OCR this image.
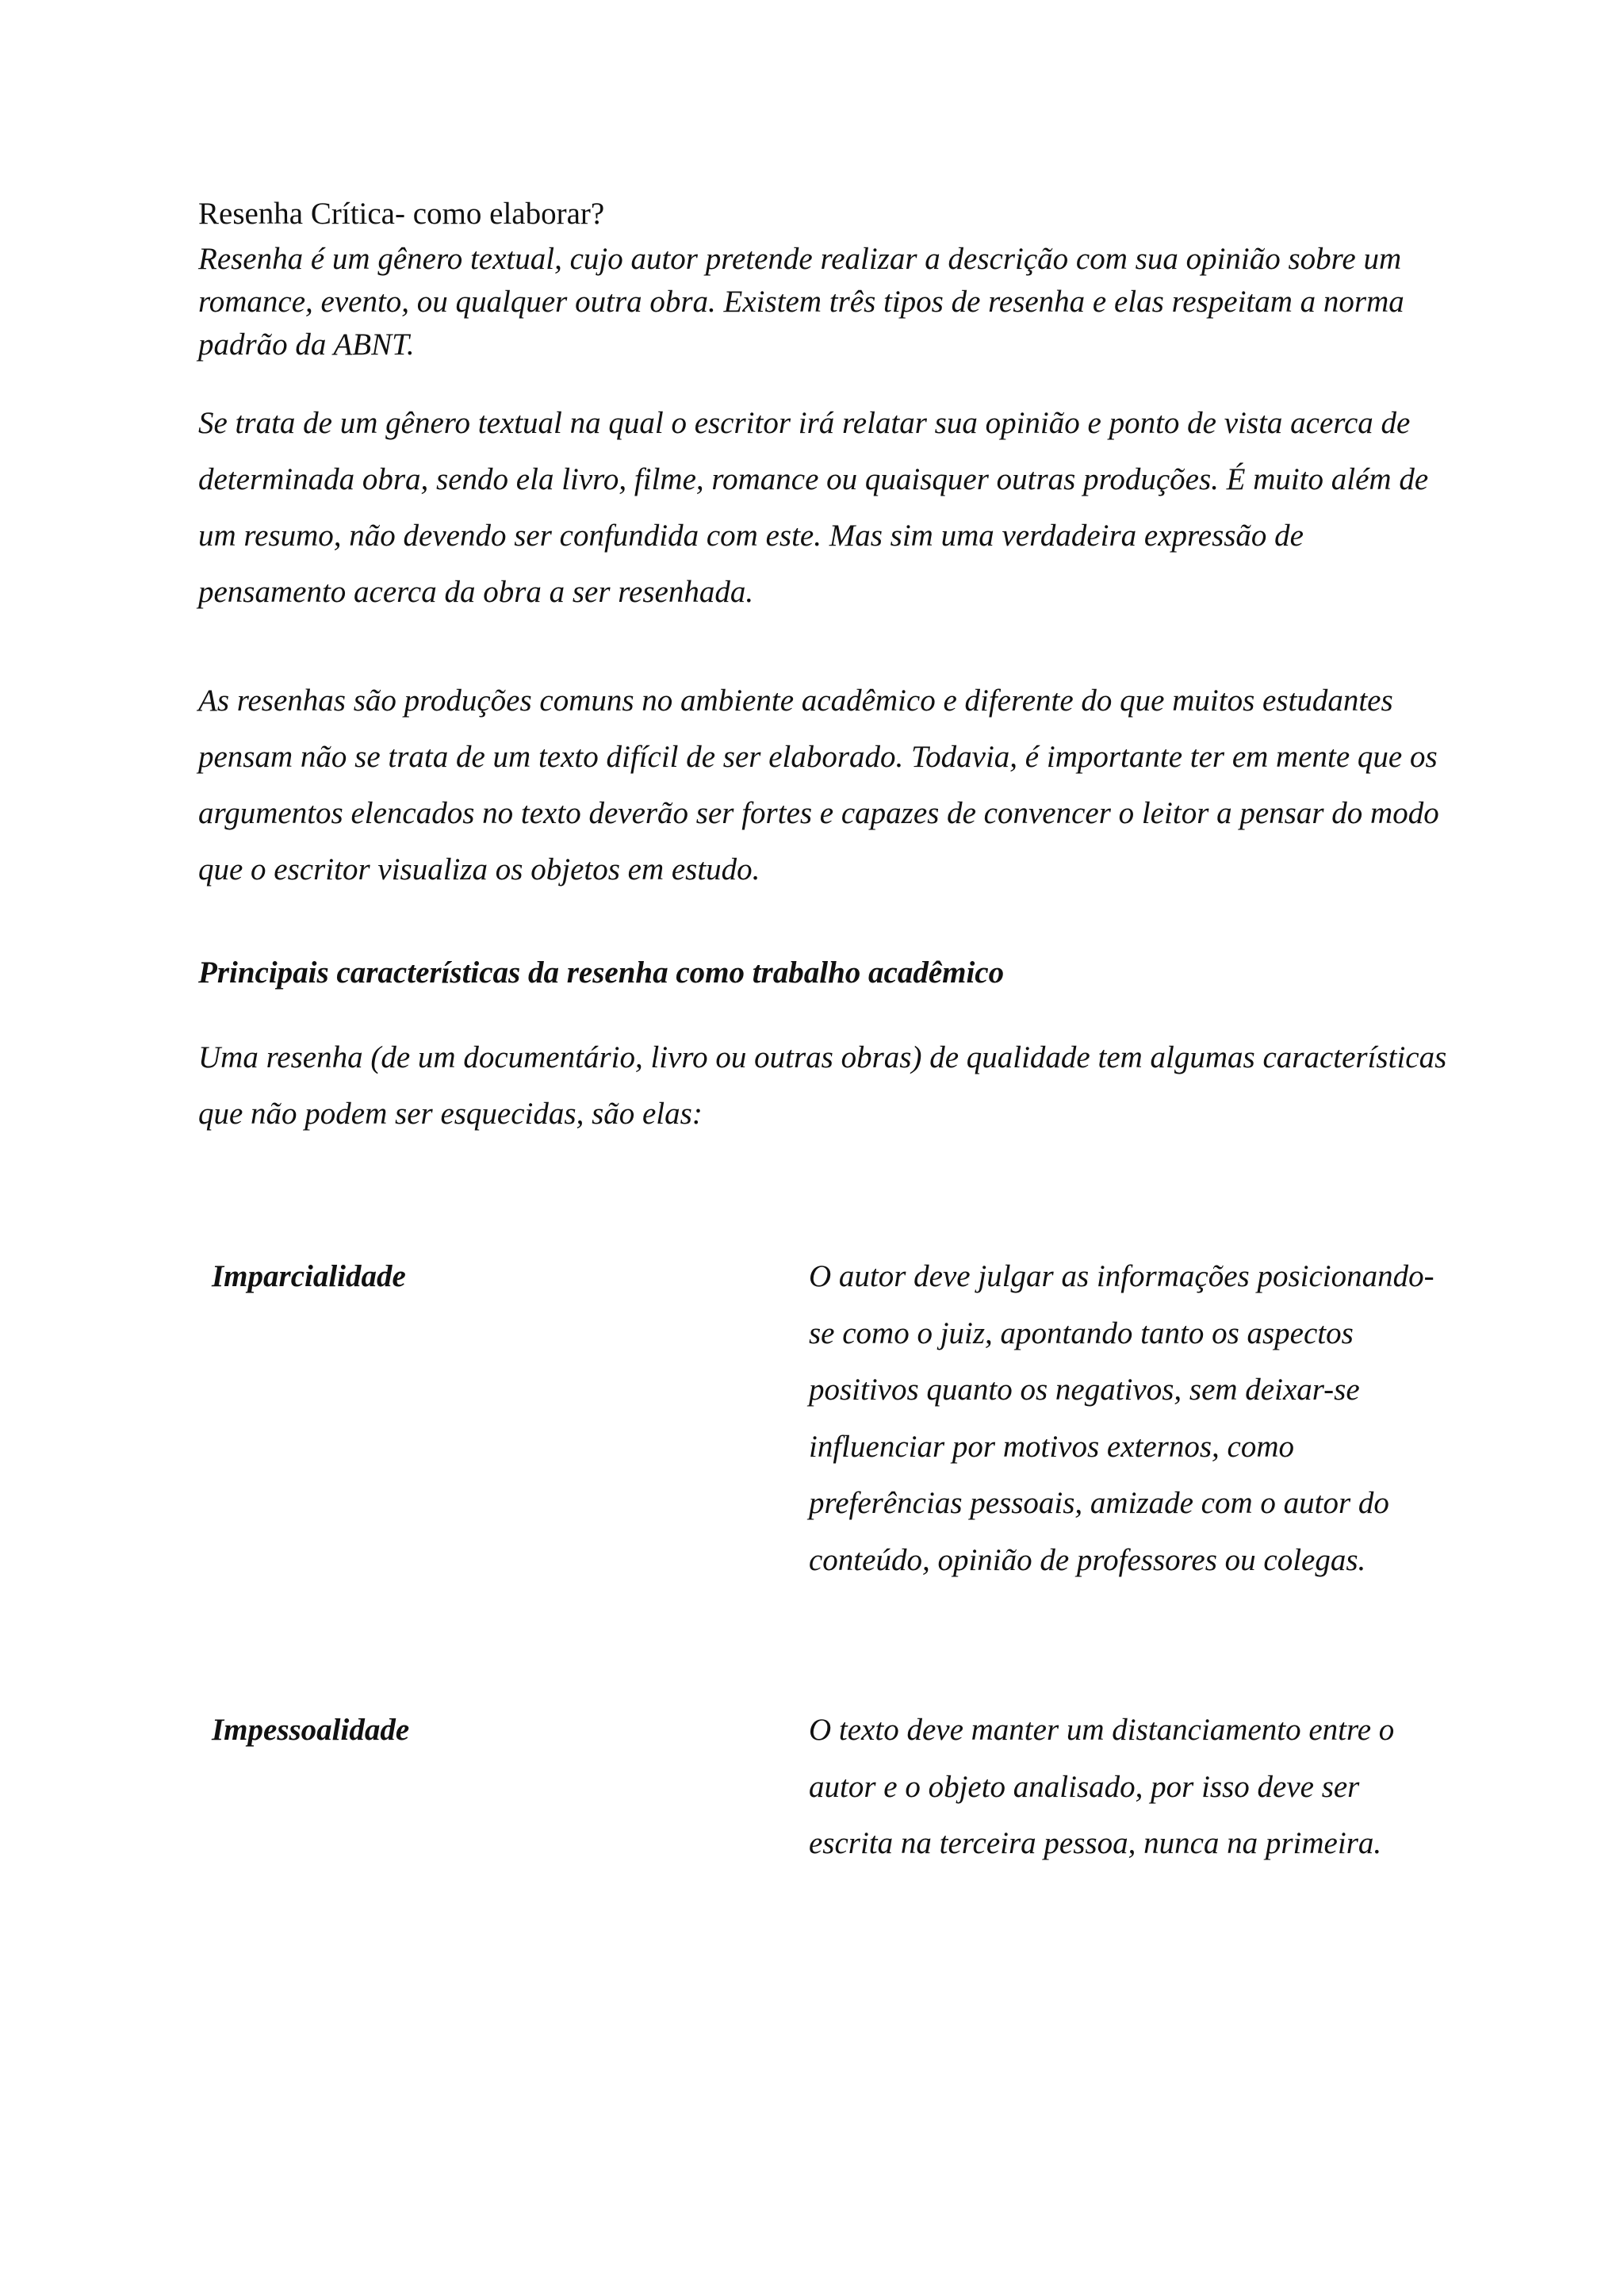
Resenha Crítica- como elaborar?

Resenha é um gênero textual, cujo autor pretende realizar a descrição com sua opinião sobre um romance, evento, ou qualquer outra obra. Existem três tipos de resenha e elas respeitam a norma padrão da ABNT.

Se trata de um gênero textual na qual o escritor irá relatar sua opinião e ponto de vista acerca de determinada obra, sendo ela livro, filme, romance ou quaisquer outras produções. É muito além de um resumo, não devendo ser confundida com este. Mas sim uma verdadeira expressão de pensamento acerca da obra a ser resenhada.

As resenhas são produções comuns no ambiente acadêmico e diferente do que muitos estudantes pensam não se trata de um texto difícil de ser elaborado. Todavia, é importante ter em mente que os argumentos elencados no texto deverão ser fortes e capazes de convencer o leitor a pensar do modo que o escritor visualiza os objetos em estudo.

Principais características da resenha como trabalho acadêmico

Uma resenha (de um documentário, livro ou outras obras) de qualidade tem algumas características que não podem ser esquecidas, são elas:

Imparcialidade	O autor deve julgar as informações posicionando-se como o juiz, apontando tanto os aspectos positivos quanto os negativos, sem deixar-se influenciar por motivos externos, como preferências pessoais, amizade com o autor do conteúdo, opinião de professores ou colegas.

Impessoalidade	O texto deve manter um distanciamento entre o autor e o objeto analisado, por isso deve ser escrita na terceira pessoa, nunca na primeira.
